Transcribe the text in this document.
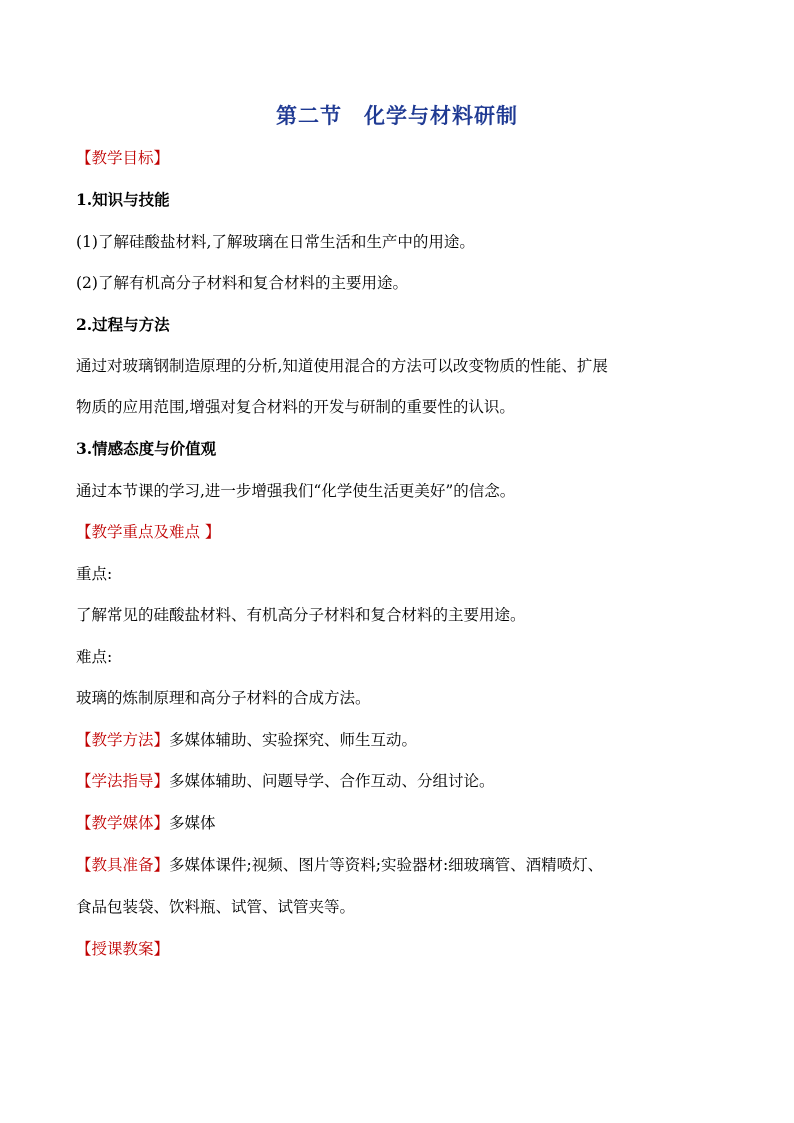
第二节　化学与材料研制
【教学目标】
1.知识与技能
(1)了解硅酸盐材料,了解玻璃在日常生活和生产中的用途。
(2)了解有机高分子材料和复合材料的主要用途。
2.过程与方法
通过对玻璃钢制造原理的分析,知道使用混合的方法可以改变物质的性能、扩展
物质的应用范围,增强对复合材料的开发与研制的重要性的认识。
3.情感态度与价值观
通过本节课的学习,进一步增强我们“化学使生活更美好”的信念。
【教学重点及难点 】
重点:
了解常见的硅酸盐材料、有机高分子材料和复合材料的主要用途。
难点:
玻璃的炼制原理和高分子材料的合成方法。
【教学方法】多媒体辅助、实验探究、师生互动。
【学法指导】多媒体辅助、问题导学、合作互动、分组讨论。
【教学媒体】多媒体
【教具准备】多媒体课件;视频、图片等资料;实验器材:细玻璃管、酒精喷灯、
食品包装袋、饮料瓶、试管、试管夹等。
【授课教案】
